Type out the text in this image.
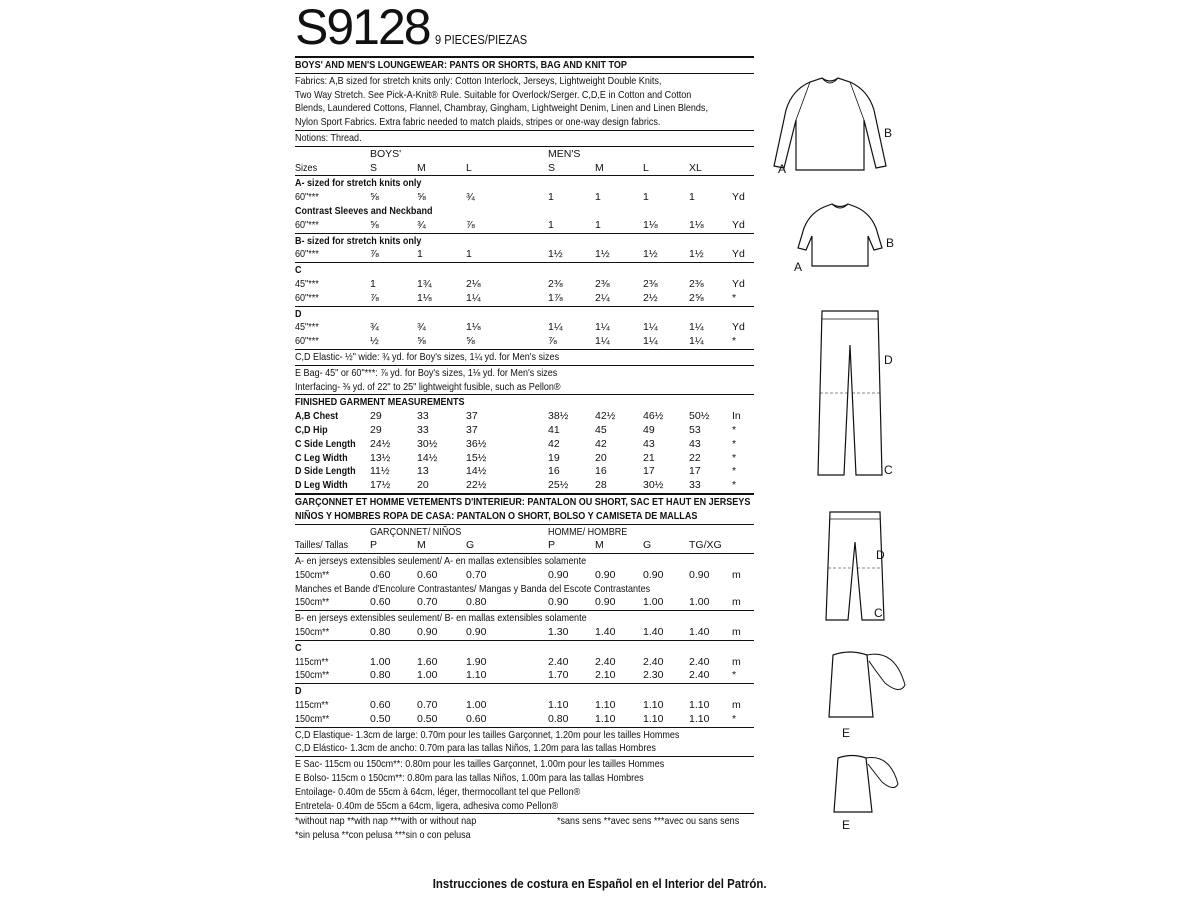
S9128 9 PIECES/PIEZAS
BOYS' AND MEN'S LOUNGEWEAR: PANTS OR SHORTS, BAG AND KNIT TOP
Fabrics: A,B sized for stretch knits only: Cotton Interlock, Jerseys, Lightweight Double Knits,
Two Way Stretch. See Pick-A-Knit® Rule. Suitable for Overlock/Serger. C,D,E in Cotton and Cotton
Blends, Laundered Cottons, Flannel, Chambray, Gingham, Lightweight Denim, Linen and Linen Blends,
Nylon Sport Fabrics. Extra fabric needed to match plaids, stripes or one-way design fabrics.
Notions: Thread.
BOYS'	MEN'S
Sizes	S	M	L	S	M	L	XL
A- sized for stretch knits only
60"***	⅝	⅝	¾	1	1	1	1	Yd
Contrast Sleeves and Neckband
60"***	⅝	¾	⅞	1	1	1⅛	1⅛	Yd
B- sized for stretch knits only
60"***	⅞	1	1	1½	1½	1½	1½	Yd
C
45"***	1	1¾	2⅛	2⅜	2⅜	2⅜	2⅜	Yd
60"***	⅞	1⅛	1¼	1⅞	2¼	2½	2⅝	*
D
45"***	¾	¾	1⅛	1¼	1¼	1¼	1¼	Yd
60"***	½	⅝	⅝	⅞	1¼	1¼	1¼	*
C,D Elastic- ½" wide: ¾ yd. for Boy's sizes, 1¼ yd. for Men's sizes
E Bag- 45" or 60"***: ⅞ yd. for Boy's sizes, 1⅛ yd. for Men's sizes
Interfacing- ⅜ yd. of 22" to 25" lightweight fusible, such as Pellon®
FINISHED GARMENT MEASUREMENTS
A,B Chest	29	33	37	38½	42½	46½ 50½ In
C,D Hip	29	33	37	41	45	49	53	*
C Side Length 24½	30½	36½	42	42	43	43	*
C Leg Width 13½	14½	15½	19	20	21	22	*
D Side Length 11½	13	14½	16	16	17	17	*
D Leg Width 17½	20	22½	25½	28	30½ 33	*
GARÇONNET ET HOMME VETEMENTS D'INTERIEUR: PANTALON OU SHORT, SAC ET HAUT EN JERSEYS
NIÑOS Y HOMBRES ROPA DE CASA: PANTALON O SHORT, BOLSO Y CAMISETA DE MALLAS
GARÇONNET/ NIÑOS	HOMME/ HOMBRE
Tailles/ Tallas P	M	G	P	M	G	TG/XG
A- en jerseys extensibles seulement/ A- en mallas extensibles solamente
150cm**	0.60	0.60	0.70	0.90	0.90	0.90 0.90 m
Manches et Bande d'Encolure Contrastantes/ Mangas y Banda del Escote Contrastantes
150cm**	0.60	0.70	0.80	0.90	0.90	1.00 1.00 m
B- en jerseys extensibles seulement/ B- en mallas extensibles solamente
150cm**	0.80	0.90	0.90	1.30	1.40	1.40 1.40 m
C
115cm**	1.00	1.60	1.90	2.40	2.40	2.40 2.40 m
150cm**	0.80	1.00	1.10	1.70	2.10	2.30 2.40 *
D
115cm**	0.60	0.70	1.00	1.10	1.10	1.10 1.10 m
150cm**	0.50	0.50	0.60	0.80	1.10	1.10 1.10 *
C,D Elastique- 1.3cm de large: 0.70m pour les tailles Garçonnet, 1.20m pour les tailles Hommes
C,D Elástico- 1.3cm de ancho: 0.70m para las tallas Niños, 1.20m para las tallas Hombres
E Sac- 115cm ou 150cm**: 0.80m pour les tailles Garçonnet, 1.00m pour les tailles Hommes
E Bolso- 115cm o 150cm**: 0.80m para las tallas Niños, 1.00m para las tallas Hombres
Entoilage- 0.40m de 55cm à 64cm, léger, thermocollant tel que Pellon®
Entretela- 0.40m de 55cm a 64cm, ligera, adhesiva como Pellon®
*without nap **with nap ***with or without nap	*sans sens **avec sens ***avec ou sans sens
*sin pelusa **con pelusa ***sin o con pelusa
A
B
A
B
D
C
D
C
E
E
Instrucciones de costura en Español en el Interior del Patrón.
